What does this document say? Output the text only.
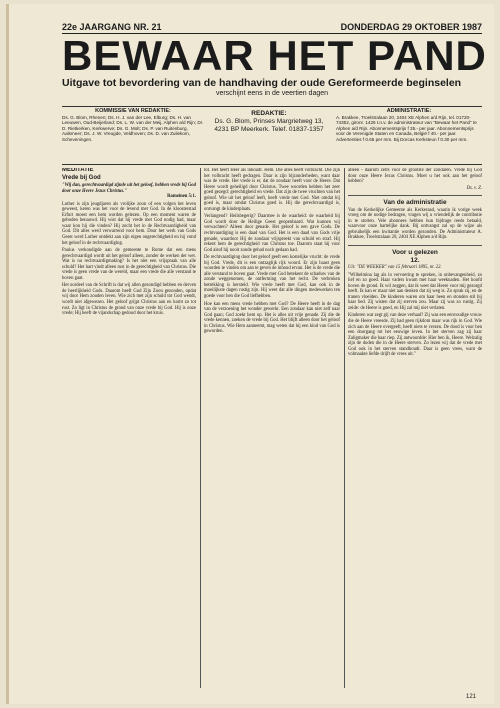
22e JAARGANG NR. 21	DONDERDAG 29 OKTOBER 1987
BEWAAR HET PAND
Uitgave tot bevordering van de handhaving der oude Gereformeerde beginselen
verschijnt eens in de veertien dagen
KOMMISSIE VAN REDAKTIE:
Ds. G. Blom, Rhenen; Ds. H. J. van der Lee, Elburg; Ds. H. van Leeuwen, Oud-Beijerland; Ds. L. W. van der Meij, Alphen a/d Rijn; Dr. D. Rietkerken, Kerkwerve; Ds. G. Molt; Ds. P. van Ruitenburg, Aalsmeer; Ds. J. W. Vreugde, Veldhoven; Ds. D. van Zuilekom, Scheveningen.
REDAKTIE:
Ds. G. Blom, Prinses Margrietweg 13,
4231 BP Meerkerk. Telef. 01837-1357
ADMINISTRATIE:
A. Brakkee, Troelstralaan 20, 2404 XE Alphen a/d Rijn, tel. 01720-74352, gironr. 1426 t.n.v. de administrateur van "Bewaar het Pand" te Alphen a/d Rijn. Abonnementsprijs f 35.- per jaar. Abonnementsprijs voor de Verenigde Staten en Canada, België f 40.- per jaar. Advertenties f 0.65 per mm. Bij Dorcas Kerksteun f 0.30 per mm.
MEDITATIE
Vrede bij God
"Wij dan, gerechtvaardigd zijnde uit het geloof, hebben vrede bij God door onze Heere Jezus Christus."
Romeinen 5:1.

Luther is zijn jeugdjaren als vrolijke zoon of een volgen het leven geweest, keren was het voor de levend met God. In de kloosterstad Erfurt moest een hem worden gelezen. Op een moment waren de geboden benauwd. Hij wist dat hij vrede met God nodig had, maar waar kon hij die vinden? Hij zocht het in de Rechtvaardigheid van God. Dit alles werd verwarrend voor hem. Door het werk van Gods Geest werd Luther ontdekt aan zijn eigen ongerechtigheid en hij vond het geloof in de rechtvaardiging.

Paulus verkondigde aan de gemeente te Rome dat een mens gerechtvaardigd wordt uit het geloof alleen, zonder de werken der wet. Wat is nu rechtvaardigmaking? Is het niet een vrijspraak van alle schuld? Het hart vindt alleen rust in de gerechtigheid van Christus. Die vrede is geen vrede van de wereld, maar een vrede die alle verstand te boven gaat.

Het oordeel van de Schrift is dat wij allen gezondigd hebben en derven de heerlijkheid Gods. Daarom heeft God Zijn Zoon gezonden, opdat wij door Hem zouden leven. Wie zich met zijn schuld tot God wendt, wordt niet afgewezen. Het geloof grijpt Christus aan en komt zo tot rust. Zo ligt in Christus de grond van onze vrede bij God. Hij is onze vrede; Hij heeft de vijandschap gedood door het kruis.

tot. Het heeft Heer als inhoudt. Hem. Die alles heeft volbracht. Die zijn het volbracht heeft gedragen. Daar is zijn bijzonderheden, want daar was de vrede. Het vrede is er, dat de zondaar heeft voor de Heere. Dat Heere wordt geheiligd door Christus. Twee woorden hebben het zeer goed gezegd: gerechtigheid en vrede. Dat zijn de twee vruchten van het geloof. Wie uit het geloof leeft, heeft vrede met God. Niet omdat hij goed is, maar omdat Christus goed is. Hij die gerechtvaardigd is, ontvangt de kinderplaats.

Verlangend? Heilsbegerig? Daarmee is de waarheid: de waarheid bij God wordt door de Heilige Geest geopenbaard. Wat kunnen wij verwachten? Alleen door genade. Het geloof is een gave Gods. De rechtvaardiging is een daad van God. Het is een daad van Gods vrije genade, waardoor Hij de zondaar vrijspreekt van schuld en straf. Hij rekent hem de gerechtigheid van Christus toe. Daarom staat hij voor God alsof hij nooit zonde gehad noch gedaan had.

De rechtvaardiging door het geloof geeft een kostelijke vrucht: de vrede bij God. Vrede, dit is een ontzaglijk rijk woord. Er zijn haast geen woorden te vinden om aan te geven de inhoud ervan. Het is de vrede die alle verstand te boven gaat. Vrede met God betekent de schaduw van de zonde weggenomen, de ontferming van het recht. De verbroken betrekking is hersteld. Wie vrede heeft met God, kan ook in de moeilijkste dagen rustig zijn. Hij weet dat alle dingen medewerken ten goede voor hen die God liefhebben.

Hoe kan een mens vrede hebben met God? De Heere heeft in de dag van de verzoening het wonder gewerkt. Een zondaar kan niet zelf naar God gaan; God zoekt hem op. Het is alles uit vrije genade. Zij die de vrede kennen, zoeken de vrede bij God. Het blijft alleen door het geloof in Christus. Wie Hem aanneemt, mag weten dat hij een kind van God is geworden.

alleen - daarom zelfs voor de grootste der zondaren. Vrede bij God door onze Heere Jezus Christus. Moet u het ook aan het geloof hebben?

Ds. v. Z.
Van de administratie

Van de Kerkelijke Gemeente als Kerkeraad, waarin ik vorige week vroeg om de nodige bedragen, vragen wij u vriendelijk de contributie in te storten. Vele abonnees hebben hun bijdrage reeds betaald, waarvoor onze hartelijke dank. Bij ontvangst zal op de wijze als gebruikelijk een kwitantie worden gezonden. De Administrateur A. Brakkee, Troelstralaan 20, 2404 XE Alphen a/d Rijn.

Voor u gelezen
12.
Uit: "DE WEEKER" van 15 februari 1895, nr. 22.

"Wilhelmina lag als in vervoering te spreken, in onbevangenheid, zo lief en zo goed. Haar vaders kwam met haar weeknaden. Het hoofd boven de grond. Ik wil zeggen, dat ik weet dat Heere voor mij gezorgd heeft. Ik kan er maar niet aan denken dat zij weg is. Zo sprak zij, en de tranen vloeiden. De kinderen waren om haar heen en stonden stil bij haar bed. Zij wisten dat zij sterven zou. Maar zij was zo rustig. Zij zeide: de Heere is goed, en Hij zal mij niet verlaten.

Kinderen wat zegt gij van deze verhaal? Zij was een eenvoudige vrouw die de Heere vreesde. Zij had geen rijkdom maar was rijk in God. Wie zich aan de Heere overgeeft, heeft niets te vrezen. De dood is voor hen een doorgang tot het eeuwige leven. In het sterven zag zij haar Zaligmaker die haar riep. Zij antwoordde: Hier ben ik, Heere. Welzalig zijn de doden die in de Heere sterven. Zo lezen wij dat de vrede met God ook in het sterven standhoudt. Daar is geen vrees, want de volmaakte liefde drijft de vrees uit."

121
